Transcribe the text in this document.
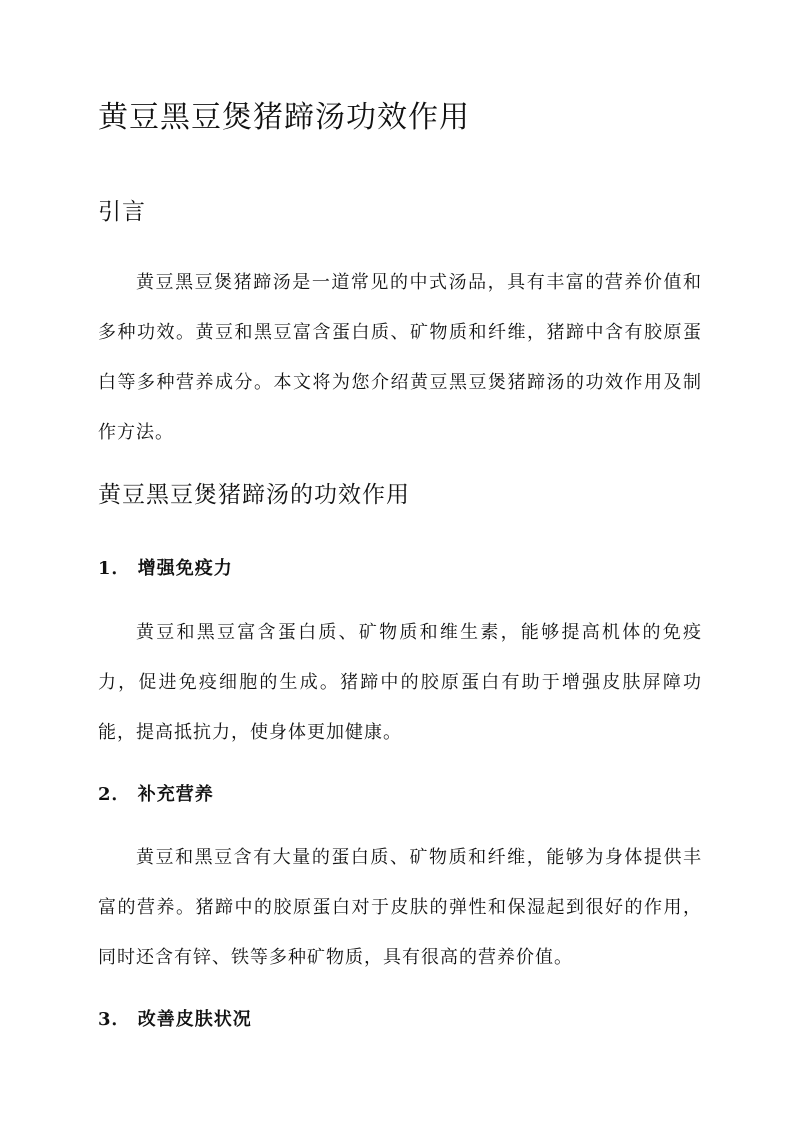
黄豆黑豆煲猪蹄汤功效作用
引言
黄豆黑豆煲猪蹄汤是一道常见的中式汤品，具有丰富的营养价值和多种功效。黄豆和黑豆富含蛋白质、矿物质和纤维，猪蹄中含有胶原蛋白等多种营养成分。本文将为您介绍黄豆黑豆煲猪蹄汤的功效作用及制作方法。
黄豆黑豆煲猪蹄汤的功效作用
1． 增强免疫力
黄豆和黑豆富含蛋白质、矿物质和维生素，能够提高机体的免疫力，促进免疫细胞的生成。猪蹄中的胶原蛋白有助于增强皮肤屏障功能，提高抵抗力，使身体更加健康。
2． 补充营养
黄豆和黑豆含有大量的蛋白质、矿物质和纤维，能够为身体提供丰富的营养。猪蹄中的胶原蛋白对于皮肤的弹性和保湿起到很好的作用，同时还含有锌、铁等多种矿物质，具有很高的营养价值。
3． 改善皮肤状况
